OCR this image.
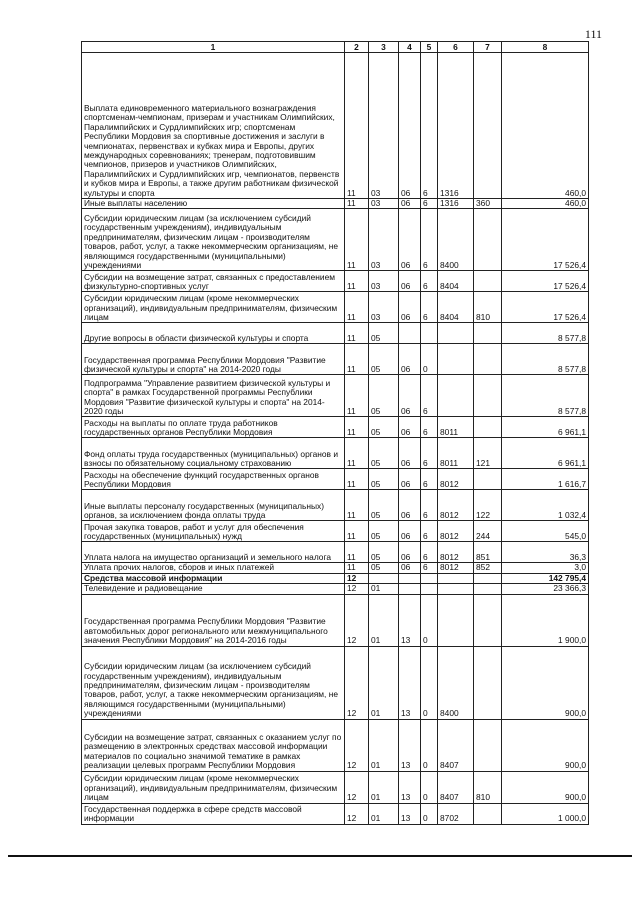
111
1	2	3	4	5	6	7	8
Выплата единовременного материального вознаграждения спортсменам-чемпионам, призерам и участникам Олимпийских, Паралимпийских и Сурдлимпийских игр; спортсменам Республики Мордовия за спортивные достижения и заслуги в чемпионатах, первенствах и кубках мира и Европы, других международных соревнованиях; тренерам, подготовившим чемпионов, призеров и участников Олимпийских, Паралимпийских и Сурдлимпийских игр, чемпионатов, первенств и кубков мира и Европы, а также другим работникам физической культуры и спорта	11	03	06	6	1316		460,0
Иные выплаты населению	11	03	06	6	1316	360	460,0
Субсидии юридическим лицам (за исключением субсидий государственным учреждениям), индивидуальным предпринимателям, физическим лицам - производителям товаров, работ, услуг, а также некоммерческим организациям, не являющимся государственными (муниципальными) учреждениями	11	03	06	6	8400		17 526,4
Субсидии на возмещение затрат, связанных с предоставлением физкультурно-спортивных услуг	11	03	06	6	8404		17 526,4
Субсидии юридическим лицам (кроме некоммерческих организаций), индивидуальным предпринимателям, физическим лицам	11	03	06	6	8404	810	17 526,4
Другие вопросы в области физической культуры и спорта	11	05					8 577,8
Государственная программа Республики Мордовия "Развитие физической культуры и спорта" на 2014-2020 годы	11	05	06	0			8 577,8
Подпрограмма "Управление развитием физической культуры и спорта" в рамках Государственной программы Республики Мордовия "Развитие физической культуры и спорта" на 2014-2020 годы	11	05	06	6			8 577,8
Расходы на выплаты по оплате труда работников государственных органов Республики Мордовия	11	05	06	6	8011		6 961,1
Фонд оплаты труда государственных (муниципальных) органов и взносы по обязательному социальному страхованию	11	05	06	6	8011	121	6 961,1
Расходы на обеспечение функций государственных органов Республики Мордовия	11	05	06	6	8012		1 616,7
Иные выплаты персоналу государственных (муниципальных) органов, за исключением фонда оплаты труда	11	05	06	6	8012	122	1 032,4
Прочая закупка товаров, работ и услуг для обеспечения государственных (муниципальных) нужд	11	05	06	6	8012	244	545,0
Уплата налога на имущество организаций и земельного налога	11	05	06	6	8012	851	36,3
Уплата прочих налогов, сборов и иных платежей	11	05	06	6	8012	852	3,0
Средства массовой информации	12						142 795,4
Телевидение и радиовещание	12	01					23 366,3
Государственная программа Республики Мордовия "Развитие автомобильных дорог регионального или межмуниципального значения Республики Мордовия" на 2014-2016 годы	12	01	13	0			1 900,0
Субсидии юридическим лицам (за исключением субсидий государственным учреждениям), индивидуальным предпринимателям, физическим лицам - производителям товаров, работ, услуг, а также некоммерческим организациям, не являющимся государственными (муниципальными) учреждениями	12	01	13	0	8400		900,0
Субсидии на возмещение затрат, связанных с оказанием услуг по размещению в электронных средствах массовой информации материалов по социально значимой тематике в рамках реализации целевых программ Республики Мордовия	12	01	13	0	8407		900,0
Субсидии юридическим лицам (кроме некоммерческих организаций), индивидуальным предпринимателям, физическим лицам	12	01	13	0	8407	810	900,0
Государственная поддержка в сфере средств массовой информации	12	01	13	0	8702		1 000,0
